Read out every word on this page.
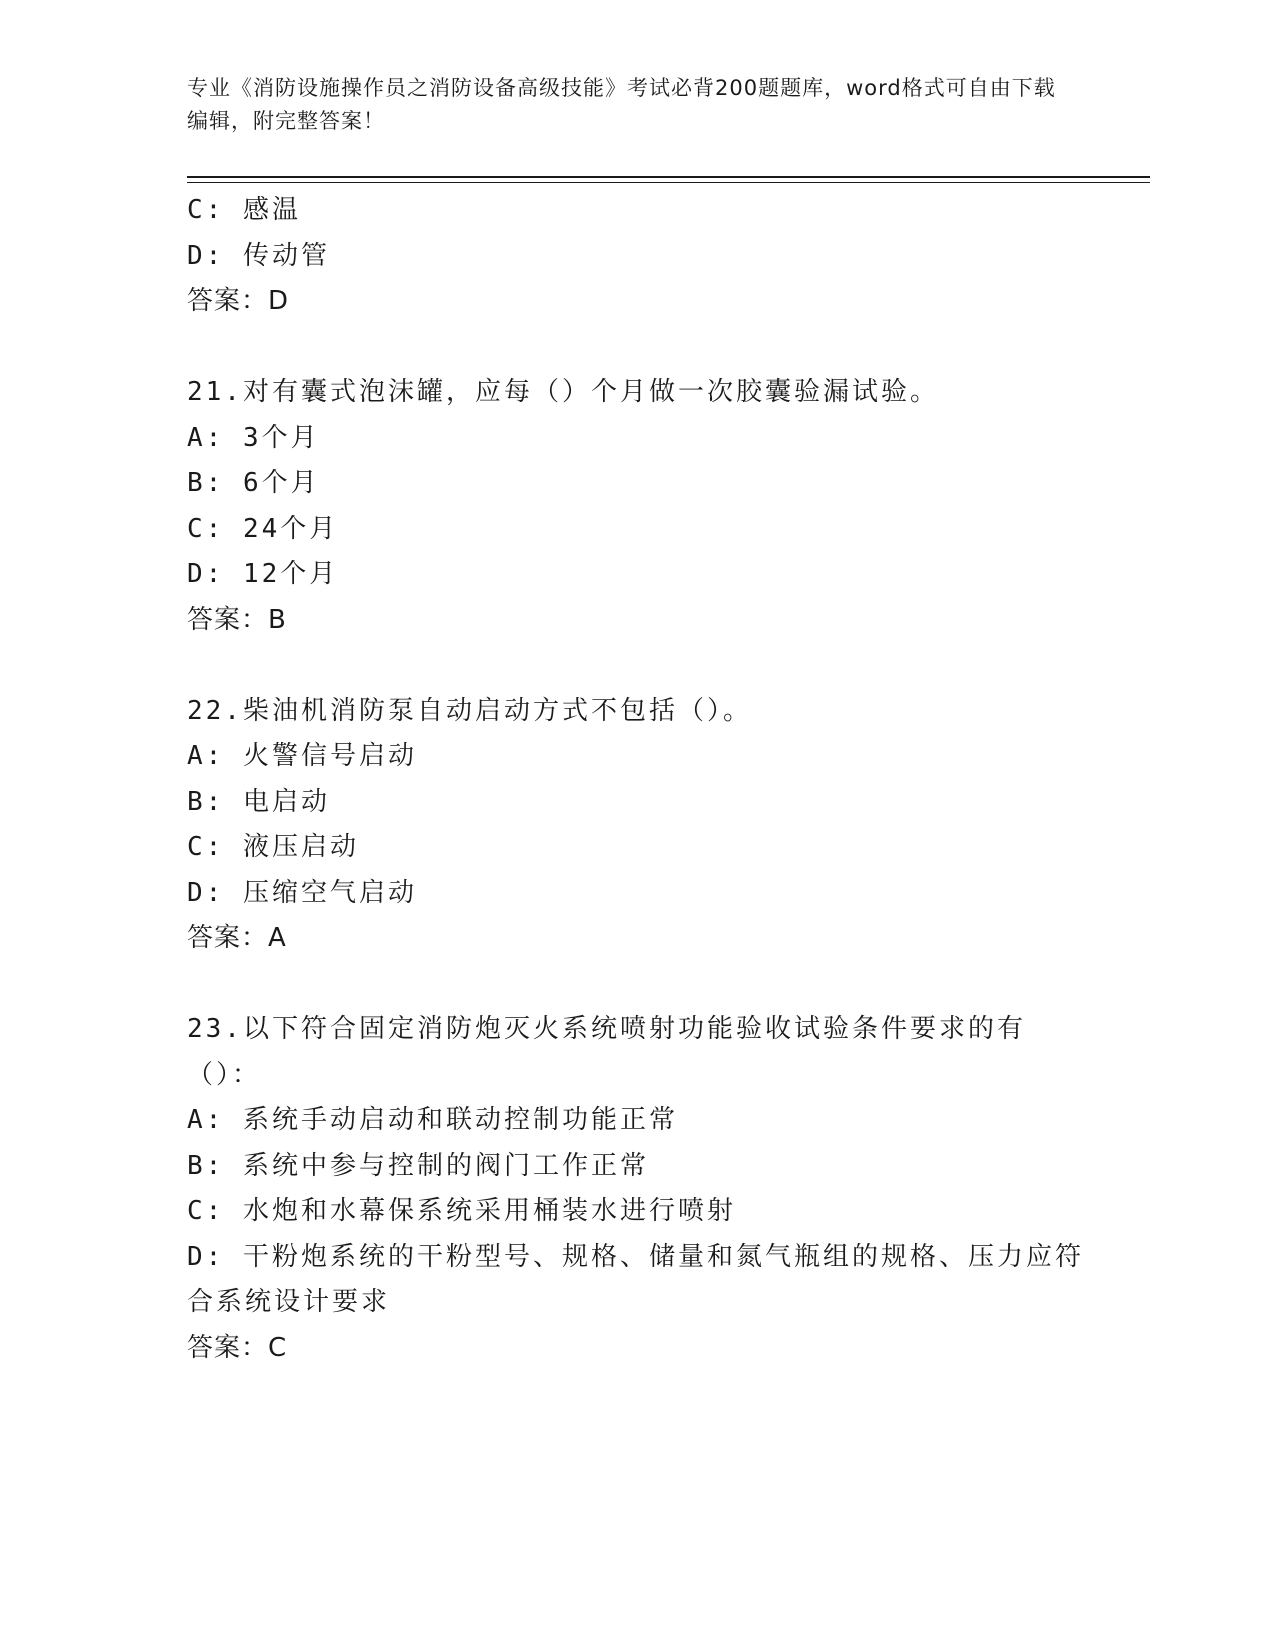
专业《消防设施操作员之消防设备高级技能》考试必背200题题库，word格式可自由下载编辑，附完整答案！
C: 感温
D: 传动管
答案：D
21.对有囊式泡沫罐，应每（）个月做一次胶囊验漏试验。
A: 3个月
B: 6个月
C: 24个月
D: 12个月
答案：B
22.柴油机消防泵自动启动方式不包括（）。
A: 火警信号启动
B: 电启动
C: 液压启动
D: 压缩空气启动
答案：A
23.以下符合固定消防炮灭火系统喷射功能验收试验条件要求的有（）：
A: 系统手动启动和联动控制功能正常
B: 系统中参与控制的阀门工作正常
C: 水炮和水幕保系统采用桶装水进行喷射
D: 干粉炮系统的干粉型号、规格、储量和氮气瓶组的规格、压力应符合系统设计要求
答案：C
